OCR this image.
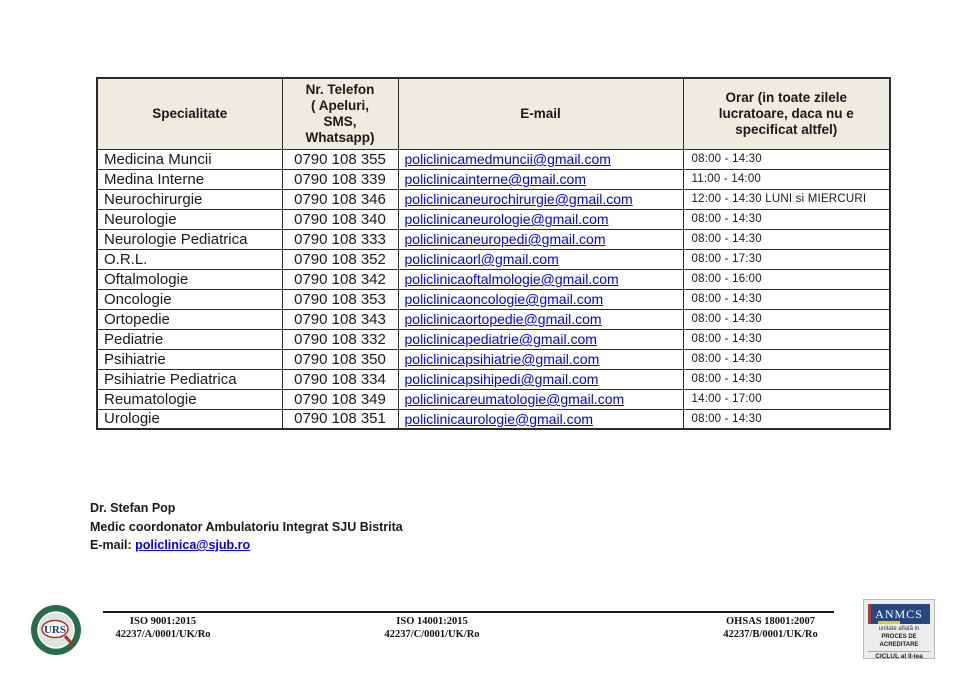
Specialitate	Nr. Telefon
( Apeluri,
SMS,
Whatsapp)	E-mail	Orar (in toate zilele lucratoare, daca nu e specificat altfel)
Medicina Muncii	0790 108 355	policlinicamedmuncii@gmail.com	08:00 - 14:30
Medina Interne	0790 108 339	policlinicainterne@gmail.com	11:00 - 14:00
Neurochirurgie	0790 108 346	policlinicaneurochirurgie@gmail.com	12:00 - 14:30 LUNI si MIERCURI
Neurologie	0790 108 340	policlinicaneurologie@gmail.com	08:00 - 14:30
Neurologie Pediatrica	0790 108 333	policlinicaneuropedi@gmail.com	08:00 - 14:30
O.R.L.	0790 108 352	policlinicaorl@gmail.com	08:00 - 17:30
Oftalmologie	0790 108 342	policlinicaoftalmologie@gmail.com	08:00 - 16:00
Oncologie	0790 108 353	policlinicaoncologie@gmail.com	08:00 - 14:30
Ortopedie	0790 108 343	policlinicaortopedie@gmail.com	08:00 - 14:30
Pediatrie	0790 108 332	policlinicapediatrie@gmail.com	08:00 - 14:30
Psihiatrie	0790 108 350	policlinicapsihiatrie@gmail.com	08:00 - 14:30
Psihiatrie Pediatrica	0790 108 334	policlinicapsihipedi@gmail.com	08:00 - 14:30
Reumatologie	0790 108 349	policlinicareumatologie@gmail.com	14:00 - 17:00
Urologie	0790 108 351	policlinicaurologie@gmail.com	08:00 - 14:30
Dr. Stefan Pop
Medic coordonator Ambulatoriu Integrat SJU Bistrita
E-mail: policlinica@sjub.ro
URS
ISO 9001:2015
42237/A/0001/UK/Ro
ISO 14001:2015
42237/C/0001/UK/Ro
OHSAS 18001:2007
42237/B/0001/UK/Ro
ANMCS
unitate aflată in
PROCES DE ACREDITARE
CICLUL al II-lea
